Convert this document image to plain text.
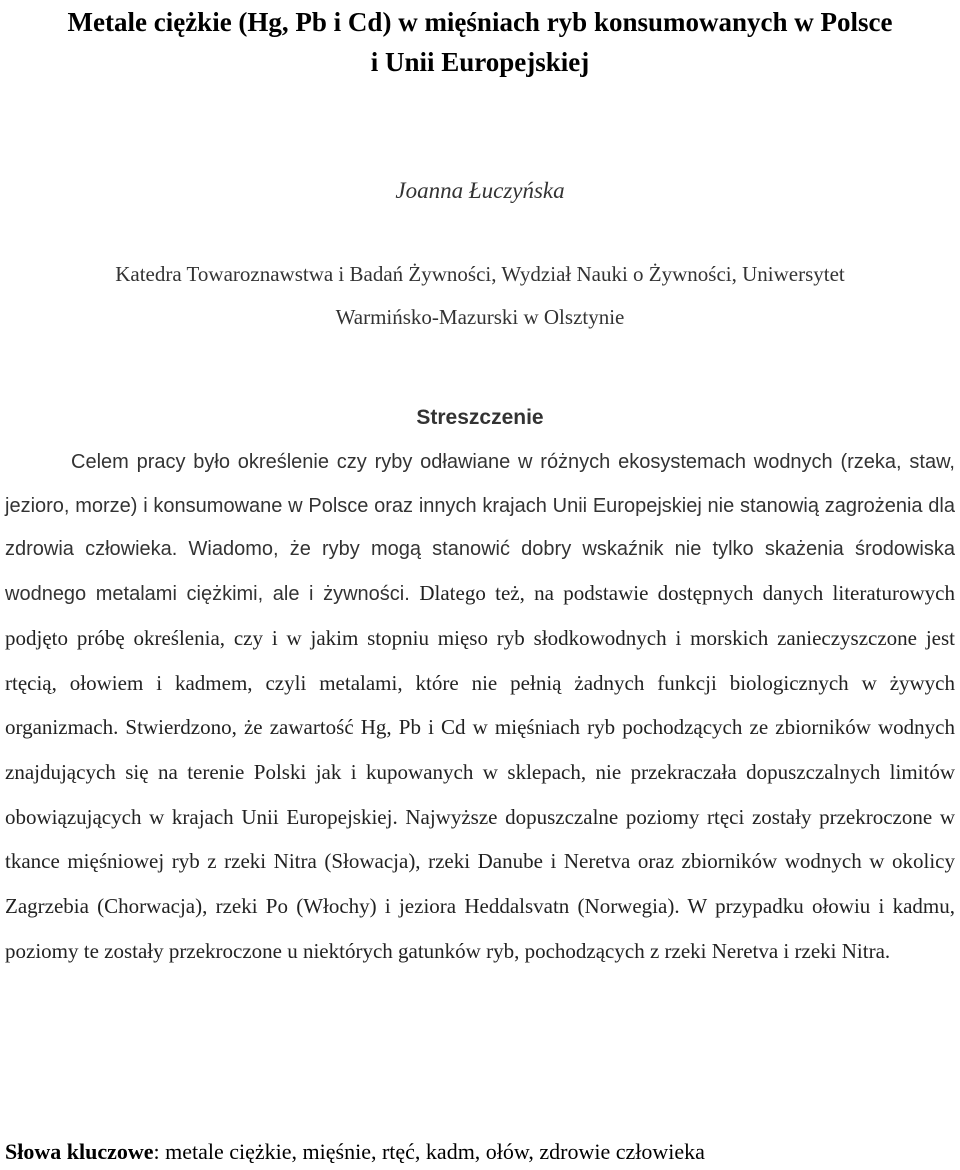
Metale ciężkie (Hg, Pb i Cd) w mięśniach ryb konsumowanych w Polsce
i Unii Europejskiej

Joanna Łuczyńska

Katedra Towaroznawstwa i Badań Żywności, Wydział Nauki o Żywności, Uniwersytet
Warmińsko-Mazurski w Olsztynie

Streszczenie

Celem pracy było określenie czy ryby odławiane w różnych ekosystemach wodnych (rzeka, staw, jezioro, morze) i konsumowane w Polsce oraz innych krajach Unii Europejskiej nie stanowią zagrożenia dla zdrowia człowieka. Wiadomo, że ryby mogą stanowić dobry wskaźnik nie tylko skażenia środowiska wodnego metalami ciężkimi, ale i żywności. Dlatego też, na podstawie dostępnych danych literaturowych podjęto próbę określenia, czy i w jakim stopniu mięso ryb słodkowodnych i morskich zanieczyszczone jest rtęcią, ołowiem i kadmem, czyli metalami, które nie pełnią żadnych funkcji biologicznych w żywych organizmach. Stwierdzono, że zawartość Hg, Pb i Cd w mięśniach ryb pochodzących ze zbiorników wodnych znajdujących się na terenie Polski jak i kupowanych w sklepach, nie przekraczała dopuszczalnych limitów obowiązujących w krajach Unii Europejskiej. Najwyższe dopuszczalne poziomy rtęci zostały przekroczone w tkance mięśniowej ryb z rzeki Nitra (Słowacja), rzeki Danube i Neretva oraz zbiorników wodnych w okolicy Zagrzebia (Chorwacja), rzeki Po (Włochy) i jeziora Heddalsvatn (Norwegia). W przypadku ołowiu i kadmu, poziomy te zostały przekroczone u niektórych gatunków ryb, pochodzących z rzeki Neretva i rzeki Nitra.

Słowa kluczowe: metale ciężkie, mięśnie, rtęć, kadm, ołów, zdrowie człowieka
